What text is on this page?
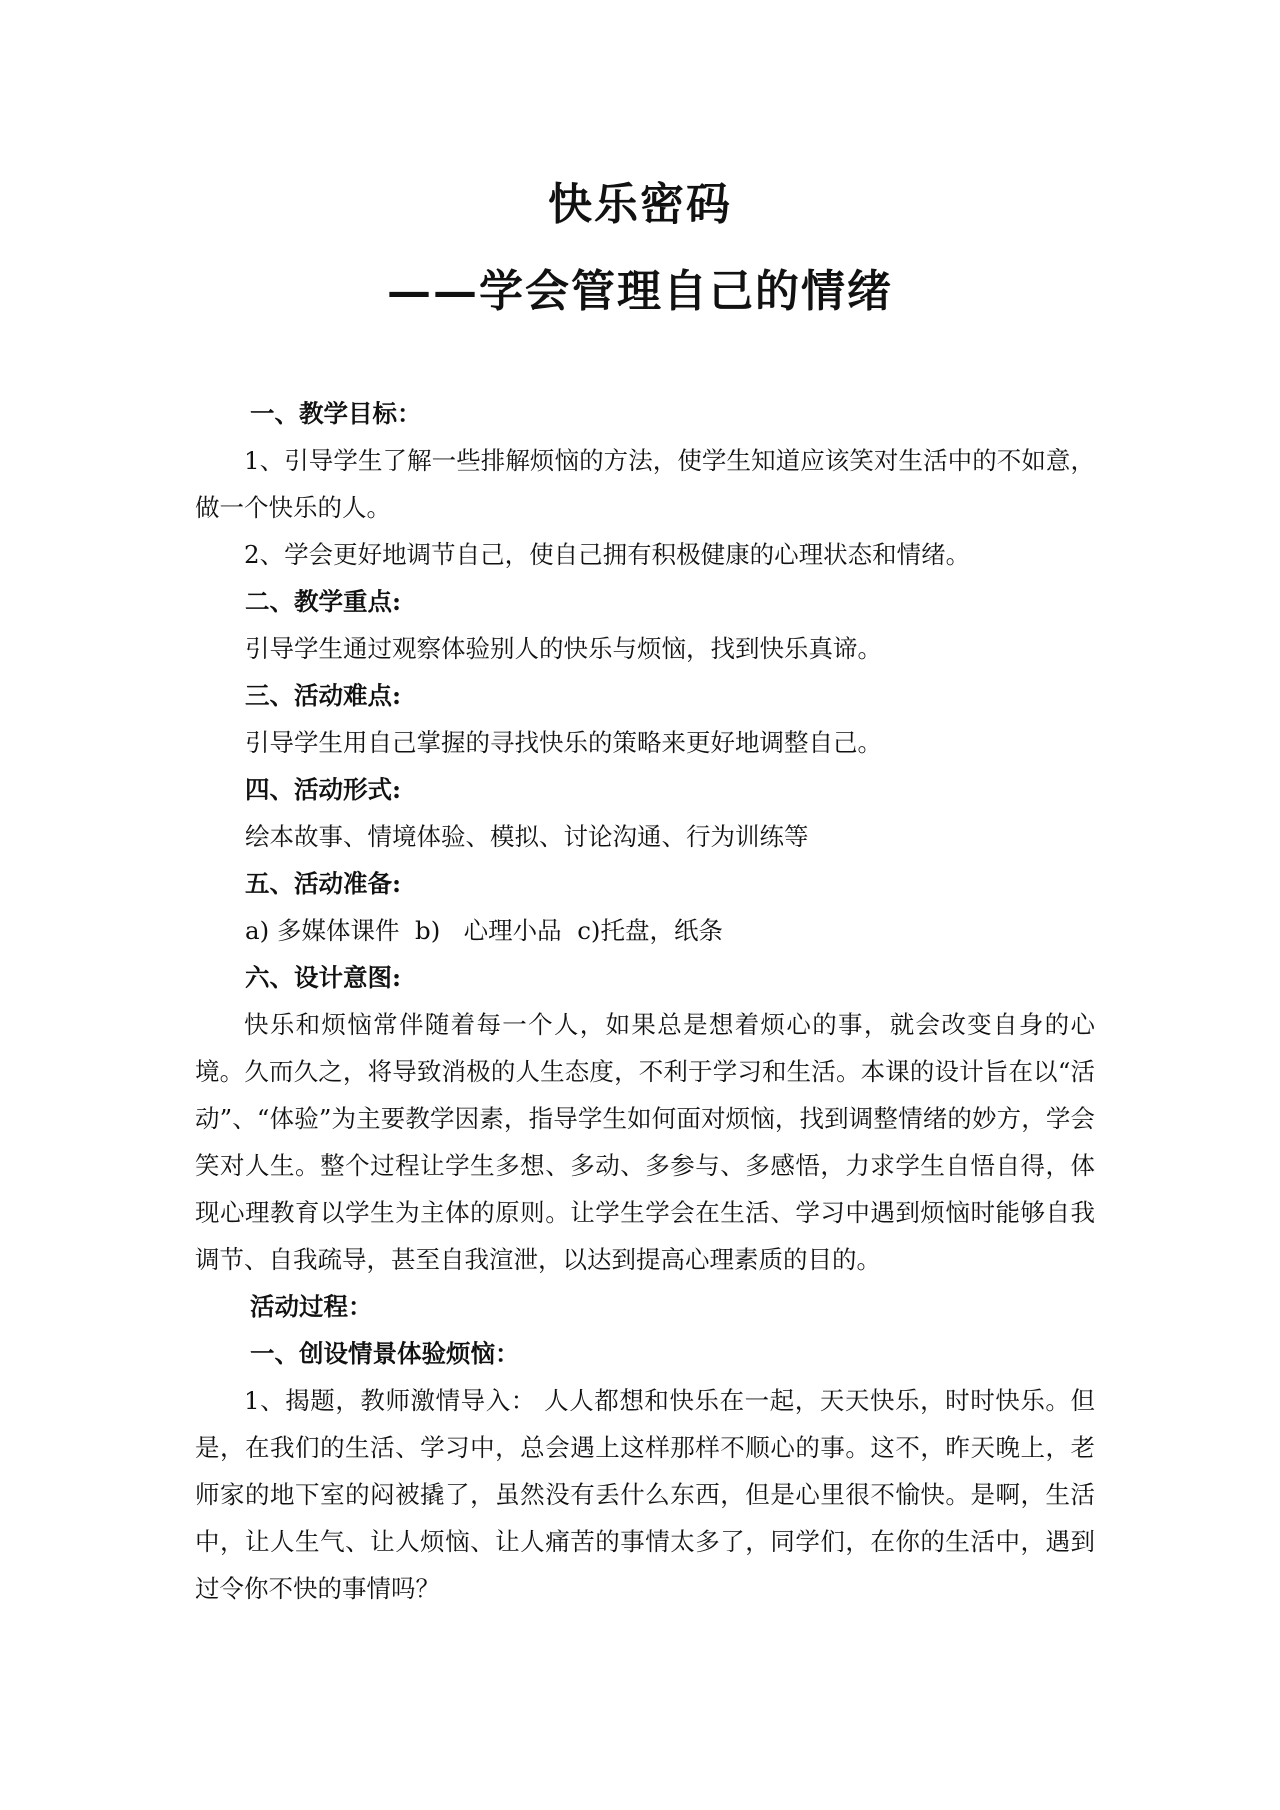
快乐密码
——学会管理自己的情绪

一、教学目标：

1、引导学生了解一些排解烦恼的方法，使学生知道应该笑对生活中的不如意，做一个快乐的人。

2、学会更好地调节自己，使自己拥有积极健康的心理状态和情绪。

二、教学重点:

引导学生通过观察体验别人的快乐与烦恼，找到快乐真谛。

三、活动难点:

引导学生用自己掌握的寻找快乐的策略来更好地调整自己。

四、活动形式:

绘本故事、情境体验、模拟、讨论沟通、行为训练等

五、活动准备:

a) 多媒体课件  b)   心理小品  c)托盘，纸条

六、设计意图:

快乐和烦恼常伴随着每一个人，如果总是想着烦心的事，就会改变自身的心境。久而久之，将导致消极的人生态度，不利于学习和生活。本课的设计旨在以“活动”、“体验”为主要教学因素，指导学生如何面对烦恼，找到调整情绪的妙方，学会笑对人生。整个过程让学生多想、多动、多参与、多感悟，力求学生自悟自得，体现心理教育以学生为主体的原则。让学生学会在生活、学习中遇到烦恼时能够自我调节、自我疏导，甚至自我渲泄，以达到提高心理素质的目的。

活动过程：

一、创设情景体验烦恼：

1、揭题，教师激情导入： 人人都想和快乐在一起，天天快乐，时时快乐。但是，在我们的生活、学习中，总会遇上这样那样不顺心的事。这不，昨天晚上，老师家的地下室的闷被撬了，虽然没有丢什么东西，但是心里很不愉快。是啊，生活中，让人生气、让人烦恼、让人痛苦的事情太多了，同学们，在你的生活中，遇到过令你不快的事情吗？
